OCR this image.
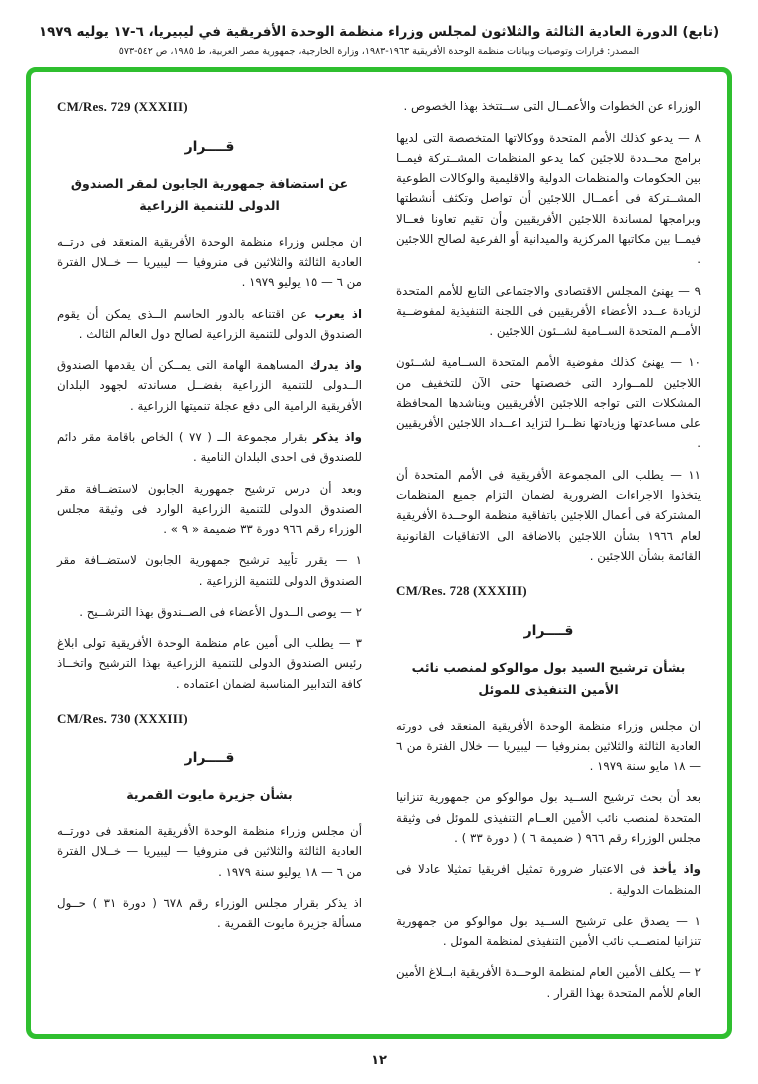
(تابع) الدورة العادية الثالثة والثلاثون لمجلس وزراء منظمة الوحدة الأفريقية في ليبيريا، ٦-١٧ يوليه ١٩٧٩
المصدر: قرارات وتوصيات وبيانات منظمة الوحدة الأفريقية ١٩٦٣-١٩٨٣، وزارة الخارجية، جمهورية مصر العربية، ط ١٩٨٥، ص ٥٤٢-٥٧٣
الوزراء عن الخطوات والأعمــال التى ســتتخذ بهذا الخصوص .
٨ — يدعو كذلك الأمم المتحدة ووكالاتها المتخصصة التى لديها برامج محــددة للاجئين كما يدعو المنظمات المشــتركة فيمــا بين الحكومات والمنظمات الدولية والاقليمية والوكالات الطوعية المشــتركة فى أعمــال اللاجئين أن تواصل وتكثف أنشطتها وبرامجها لمساندة اللاجئين الأفريقيين وأن تقيم تعاونا فعــالا فيمــا بين مكاتبها المركزية والميدانية أو الفرعية لصالح اللاجئين .
٩ — يهنئ المجلس الاقتصادى والاجتماعى التابع للأمم المتحدة لزيادة عــدد الأعضاء الأفريقيين فى اللجنة التنفيذية لمفوضــية الأمــم المتحدة الســامية لشــئون اللاجئين .
١٠ — يهنئ كذلك مفوضية الأمم المتحدة الســامية لشــئون اللاجئين للمــوارد التى خصصتها حتى الآن للتخفيف من المشكلات التى تواجه اللاجئين الأفريقيين ويناشدها المحافظة على مساعدتها وزيادتها نظــرا لتزايد اعــداد اللاجئين الأفريقيين .
١١ — يطلب الى المجموعة الأفريقية فى الأمم المتحدة أن يتخذوا الاجراءات الضرورية لضمان التزام جميع المنظمات المشتركة فى أعمال اللاجئين باتفاقية منظمة الوحــدة الأفريقية لعام ١٩٦٦ بشأن اللاجئين بالاضافة الى الاتفاقيات القانونية القائمة بشأن اللاجئين .
CM/Res. 728 (XXXIII)
قــــرار
بشأن ترشيح السيد بول موالوكو لمنصب نائب الأمين التنفيذى للموئل
ان مجلس وزراء منظمة الوحدة الأفريقية المنعقد فى دورته العادية الثالثة والثلاثين بمنروفيا — ليبيريا — خلال الفترة من ٦ — ١٨ مايو سنة ١٩٧٩ .
بعد أن بحث ترشيح الســيد بول موالوكو من جمهورية تنزانيا المتحدة لمنصب نائب الأمين العــام التنفيذى للموئل فى وثيقة مجلس الوزراء رقم ٩٦٦ ( ضميمة ٦ ) ( دورة ٣٣ ) .
واذ يأخذ فى الاعتبار ضرورة تمثيل افريقيا تمثيلا عادلا فى المنظمات الدولية .
١ — يصدق على ترشيح الســيد بول موالوكو من جمهورية تنزانيا لمنصــب نائب الأمين التنفيذى لمنظمة الموئل .
٢ — يكلف الأمين العام لمنظمة الوحــدة الأفريقية ابــلاغ الأمين العام للأمم المتحدة بهذا القرار .
CM/Res. 729 (XXXIII)
قــــرار
عن استضافة جمهورية الجابون لمقر الصندوق الدولى للتنمية الزراعية
ان مجلس وزراء منظمة الوحدة الأفريقية المنعقد فى درتــه العادية الثالثة والثلاثين فى منروفيا — ليبيريا — خــلال الفترة من ٦ — ١٥ يوليو ١٩٧٩ .
اذ يعرب عن اقتناعه بالدور الحاسم الــذى يمكن أن يقوم الصندوق الدولى للتنمية الزراعية لصالح دول العالم الثالث .
واذ يدرك المساهمة الهامة التى يمــكن أن يقدمها الصندوق الــدولى للتنمية الزراعية بفضــل مساندته لجهود البلدان الأفريقية الرامية الى دفع عجلة تنميتها الزراعية .
واذ يذكر بقرار مجموعة الــ ( ٧٧ ) الخاص باقامة مقر دائم للصندوق فى احدى البلدان النامية .
وبعد أن درس ترشيح جمهورية الجابون لاستضــافة مقر الصندوق الدولى للتنمية الزراعية الوارد فى وثيقة مجلس الوزراء رقم ٩٦٦ دورة ٣٣ ضميمة « ٩ » .
١ — يقرر تأييد ترشيح جمهورية الجابون لاستضــافة مقر الصندوق الدولى للتنمية الزراعية .
٢ — يوصى الــدول الأعضاء فى الصــندوق بهذا الترشــيح .
٣ — يطلب الى أمين عام منظمة الوحدة الأفريقية تولى ابلاغ رئيس الصندوق الدولى للتنمية الزراعية بهذا الترشيح واتخــاذ كافة التدابير المناسبة لضمان اعتماده .
CM/Res. 730 (XXXIII)
قــــرار
بشأن جزيرة مايوت القمرية
أن مجلس وزراء منظمة الوحدة الأفريقية المنعقد فى دورتــه العادية الثالثة والثلاثين فى منروفيا — ليبيريا — خــلال الفترة من ٦ — ١٨ يوليو سنة ١٩٧٩ .
اذ يذكر بقرار مجلس الوزراء رقم ٦٧٨ ( دورة ٣١ ) حــول مسألة جزيرة مايوت القمرية .
١٢
